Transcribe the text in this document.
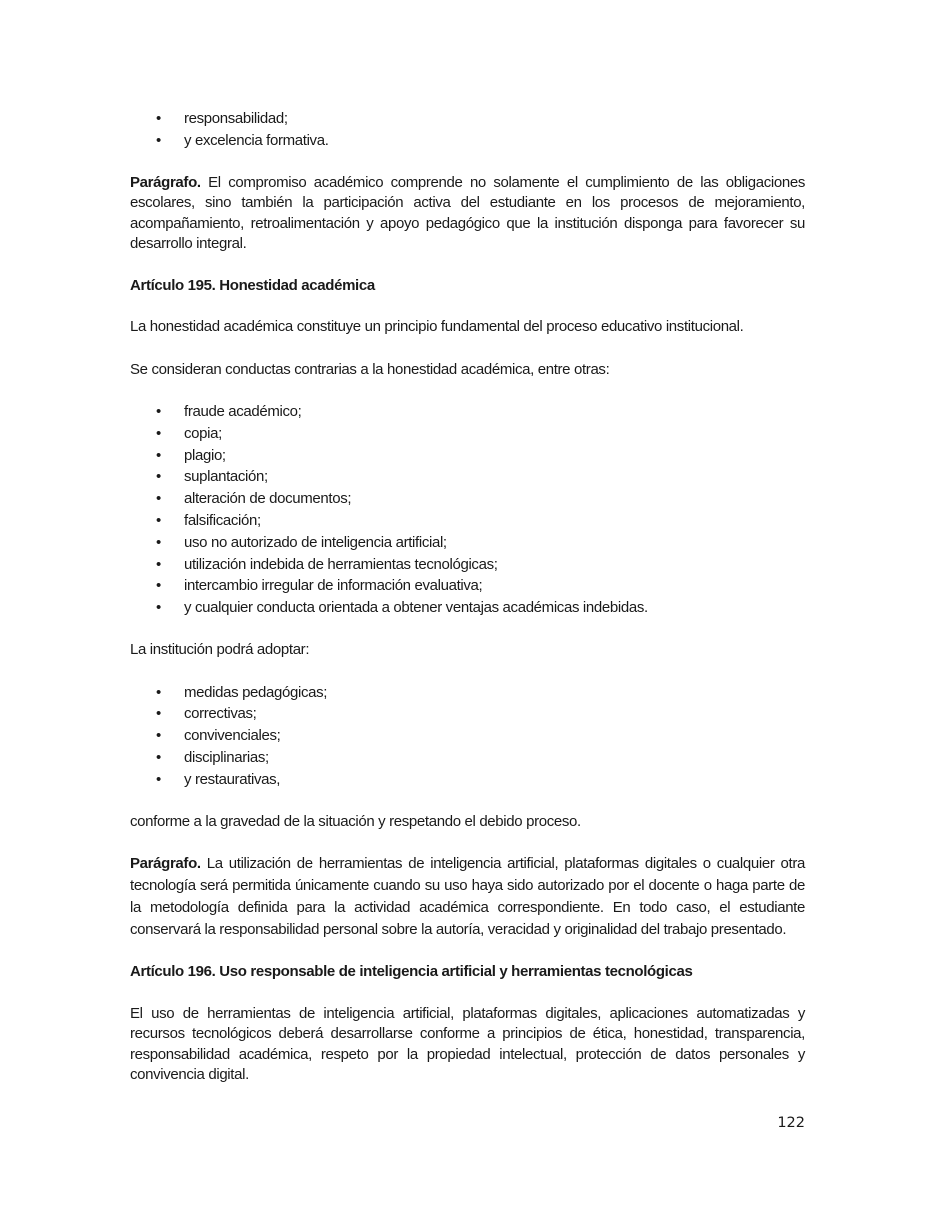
• responsabilidad;
• y excelencia formativa.

Parágrafo. El compromiso académico comprende no solamente el cumplimiento de las obligaciones escolares, sino también la participación activa del estudiante en los procesos de mejoramiento, acompañamiento, retroalimentación y apoyo pedagógico que la institución disponga para favorecer su desarrollo integral.

Artículo 195. Honestidad académica

La honestidad académica constituye un principio fundamental del proceso educativo institucional.

Se consideran conductas contrarias a la honestidad académica, entre otras:

• fraude académico;
• copia;
• plagio;
• suplantación;
• alteración de documentos;
• falsificación;
• uso no autorizado de inteligencia artificial;
• utilización indebida de herramientas tecnológicas;
• intercambio irregular de información evaluativa;
• y cualquier conducta orientada a obtener ventajas académicas indebidas.

La institución podrá adoptar:

• medidas pedagógicas;
• correctivas;
• convivenciales;
• disciplinarias;
• y restaurativas,

conforme a la gravedad de la situación y respetando el debido proceso.

Parágrafo. La utilización de herramientas de inteligencia artificial, plataformas digitales o cualquier otra tecnología será permitida únicamente cuando su uso haya sido autorizado por el docente o haga parte de la metodología definida para la actividad académica correspondiente. En todo caso, el estudiante conservará la responsabilidad personal sobre la autoría, veracidad y originalidad del trabajo presentado.

Artículo 196. Uso responsable de inteligencia artificial y herramientas tecnológicas

El uso de herramientas de inteligencia artificial, plataformas digitales, aplicaciones automatizadas y recursos tecnológicos deberá desarrollarse conforme a principios de ética, honestidad, transparencia, responsabilidad académica, respeto por la propiedad intelectual, protección de datos personales y convivencia digital.

122
